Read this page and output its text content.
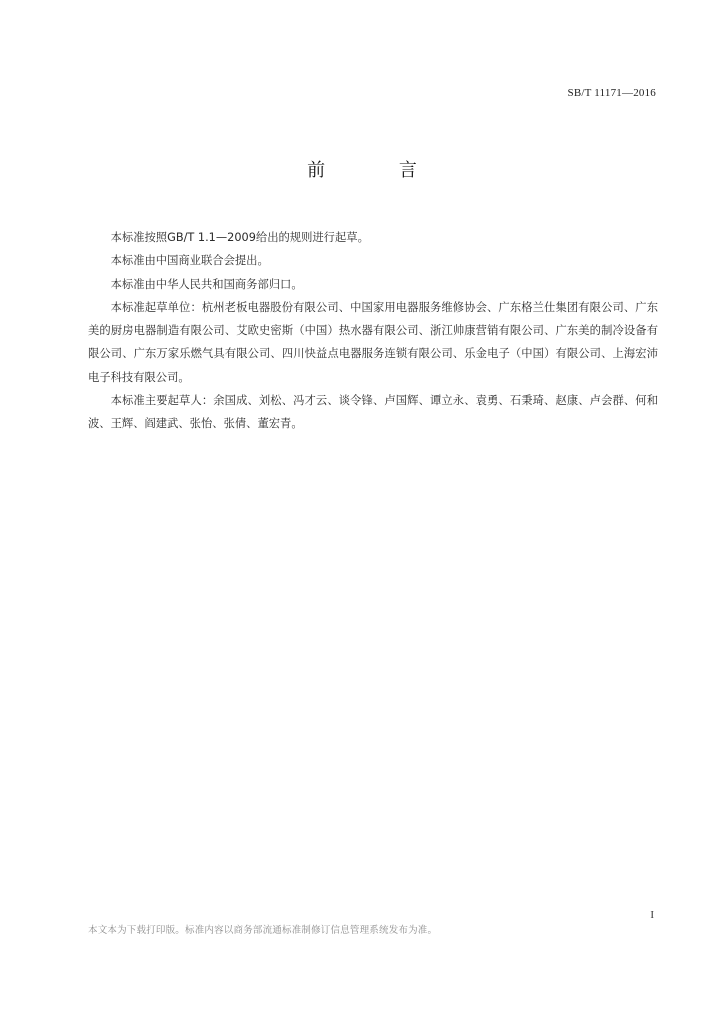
SB/T 11171—2016
前 言

本标准按照GB/T 1.1—2009给出的规则进行起草。

本标准由中国商业联合会提出。

本标准由中华人民共和国商务部归口。

本标准起草单位：杭州老板电器股份有限公司、中国家用电器服务维修协会、广东格兰仕集团有限公司、广东美的厨房电器制造有限公司、艾欧史密斯（中国）热水器有限公司、浙江帅康营销有限公司、广东美的制冷设备有限公司、广东万家乐燃气具有限公司、四川快益点电器服务连锁有限公司、乐金电子（中国）有限公司、上海宏沛电子科技有限公司。

本标准主要起草人：余国成、刘松、冯才云、谈令锋、卢国辉、谭立永、袁勇、石秉琦、赵康、卢会群、何和波、王辉、阎建武、张怡、张倩、董宏青。

I
本文本为下载打印版。标准内容以商务部流通标准制修订信息管理系统发布为准。
